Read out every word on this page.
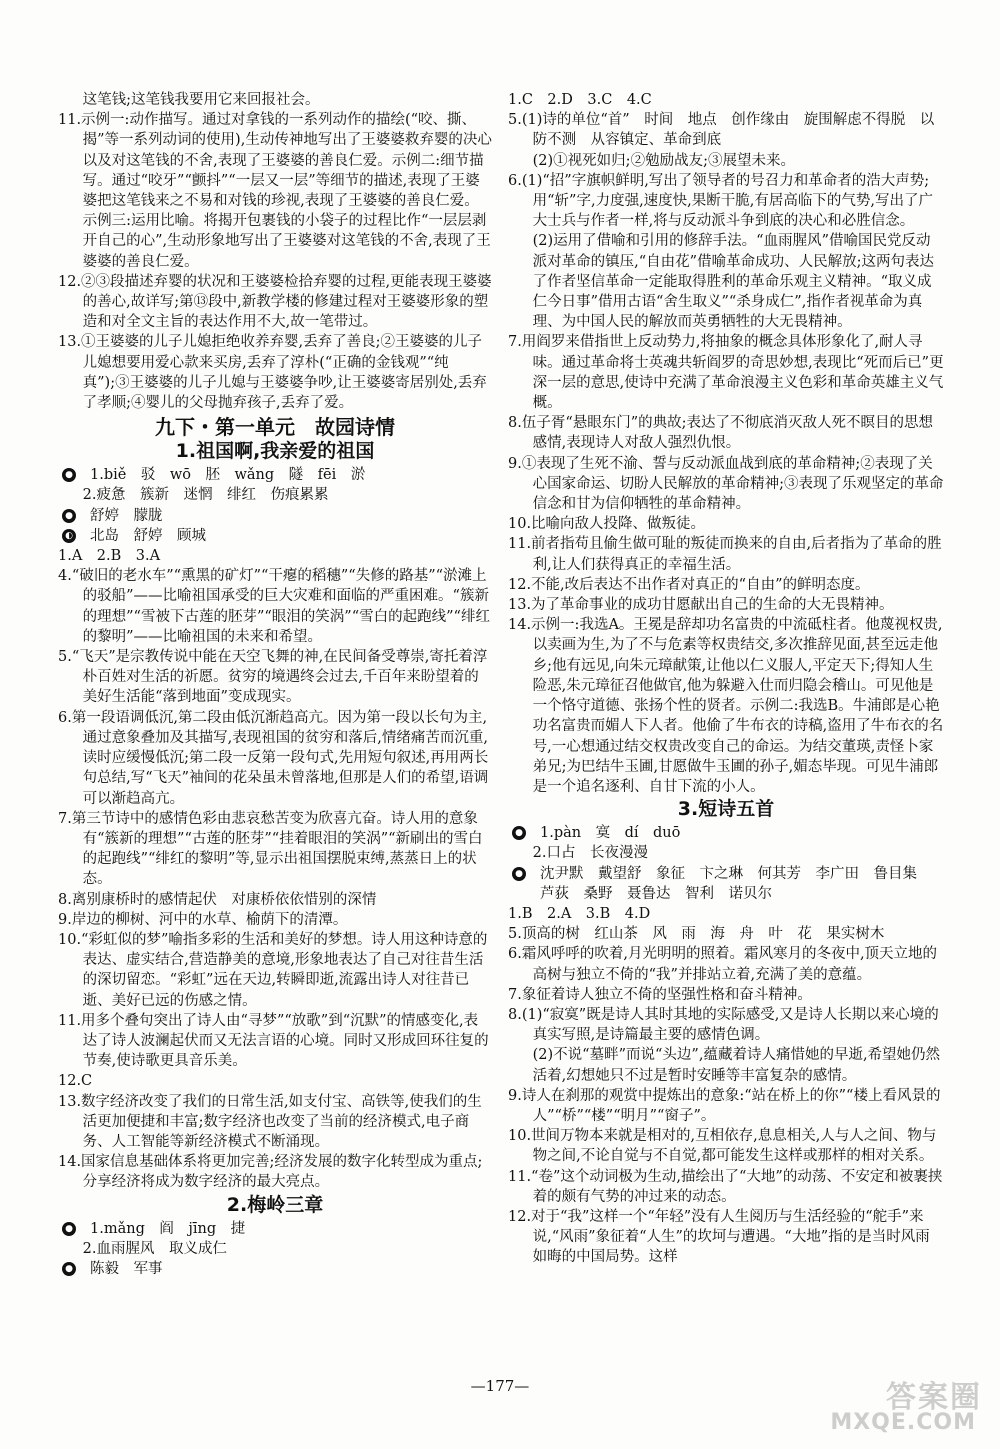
这笔钱;这笔钱我要用它来回报社会。

11.示例一:动作描写。通过对拿钱的一系列动作的描绘(“咬、撕、揭”等一系列动词的使用),生动传神地写出了王婆婆救弃婴的决心以及对这笔钱的不舍,表现了王婆婆的善良仁爱。示例二:细节描写。通过“咬牙”“颤抖”“一层又一层”等细节的描述,表现了王婆婆把这笔钱来之不易和对钱的珍视,表现了王婆婆的善良仁爱。示例三:运用比喻。将揭开包裹钱的小袋子的过程比作“一层层剥开自己的心”,生动形象地写出了王婆婆对这笔钱的不舍,表现了王婆婆的善良仁爱。

12.②③段描述弃婴的状况和王婆婆检拾弃婴的过程,更能表现王婆婆的善心,故详写;第⑬段中,新教学楼的修建过程对王婆婆形象的塑造和对全文主旨的表达作用不大,故一笔带过。

13.①王婆婆的儿子儿媳拒绝收养弃婴,丢弃了善良;②王婆婆的儿子儿媳想要用爱心款来买房,丢弃了淳朴(“正确的金钱观”“纯真”);③王婆婆的儿子儿媳与王婆婆争吵,让王婆婆寄居别处,丢弃了孝顺;④婴儿的父母抛弃孩子,丢弃了爱。

九下・第一单元　故园诗情
1.祖国啊,我亲爱的祖国
● 1.biě　驳　wō　胚　wǎng　隧　fēi　淤

2.疲惫　簇新　迷惘　绯红　伤痕累累

● 舒婷　朦胧
◐ 北岛　舒婷　顾城

1.A　2.B　3.A

4.“破旧的老水车”“熏黑的矿灯”“干瘪的稻穗”“失修的路基”“淤滩上的驳船”——比喻祖国承受的巨大灾难和面临的严重困难。“簇新的理想”“雪被下古莲的胚芽”“眼泪的笑涡”“雪白的起跑线”“绯红的黎明”——比喻祖国的未来和希望。

5.“飞天”是宗教传说中能在天空飞舞的神,在民间备受尊崇,寄托着淳朴百姓对生活的祈愿。贫穷的境遇终会过去,千百年来盼望着的美好生活能“落到地面”变成现实。

6.第一段语调低沉,第二段由低沉渐趋高亢。因为第一段以长句为主,通过意象叠加及其描写,表现祖国的贫穷和落后,情绪痛苦而沉重,读时应缓慢低沉;第二段一反第一段句式,先用短句叙述,再用两长句总结,写“飞天”袖间的花朵虽未曾落地,但那是人们的希望,语调可以渐趋高亢。

7.第三节诗中的感情色彩由悲哀愁苦变为欣喜亢奋。诗人用的意象有“簇新的理想”“古莲的胚芽”“挂着眼泪的笑涡”“新刷出的雪白的起跑线”“绯红的黎明”等,显示出祖国摆脱束缚,蒸蒸日上的状态。

8.离别康桥时的感情起伏　对康桥依依惜别的深情

9.岸边的柳树、河中的水草、榆荫下的清潭。

10.“彩虹似的梦”喻指多彩的生活和美好的梦想。诗人用这种诗意的表达、虚实结合,营造静美的意境,形象地表达了自己对往昔生活的深切留恋。“彩虹”远在天边,转瞬即逝,流露出诗人对往昔已逝、美好已远的伤感之情。

11.用多个叠句突出了诗人由“寻梦”“放歌”到“沉默”的情感变化,表达了诗人波澜起伏而又无法言语的心境。同时又形成回环往复的节奏,使诗歌更具音乐美。

12.C

13.数字经济改变了我们的日常生活,如支付宝、高铁等,使我们的生活更加便捷和丰富;数字经济也改变了当前的经济模式,电子商务、人工智能等新经济模式不断涌现。

14.国家信息基础体系将更加完善;经济发展的数字化转型成为重点;分享经济将成为数字经济的最大亮点。

2.梅岭三章
● 1.mǎng　阎　jīng　捷

2.血雨腥风　取义成仁

● 陈毅　军事

1.C　2.D　3.C　4.C

5.(1)诗的单位“首”　时间　地点　创作缘由　旋围解虑不得脱　以防不测　从容镇定、革命到底

(2)①视死如归;②勉励战友;③展望未来。

6.(1)“招”字旗帜鲜明,写出了领导者的号召力和革命者的浩大声势;用“斩”字,力度强,速度快,果断干脆,有居高临下的气势,写出了广大士兵与作者一样,将与反动派斗争到底的决心和必胜信念。

(2)运用了借喻和引用的修辞手法。“血雨腥风”借喻国民党反动派对革命的镇压,“自由花”借喻革命成功、人民解放;这两句表达了作者坚信革命一定能取得胜利的革命乐观主义精神。“取义成仁今日事”借用古语“舍生取义”“杀身成仁”,指作者视革命为真理、为中国人民的解放而英勇牺牲的大无畏精神。

7.用阎罗来借指世上反动势力,将抽象的概念具体形象化了,耐人寻味。通过革命将士英魂共斩阎罗的奇思妙想,表现比“死而后已”更深一层的意思,使诗中充满了革命浪漫主义色彩和革命英雄主义气概。

8.伍子胥“悬眼东门”的典故;表达了不彻底消灭敌人死不瞑目的思想感情,表现诗人对敌人强烈仇恨。

9.①表现了生死不渝、誓与反动派血战到底的革命精神;②表现了关心国家命运、切盼人民解放的革命精神;③表现了乐观坚定的革命信念和甘为信仰牺牲的革命精神。

10.比喻向敌人投降、做叛徒。

11.前者指苟且偷生做可耻的叛徒而换来的自由,后者指为了革命的胜利,让人们获得真正的幸福生活。

12.不能,改后表达不出作者对真正的“自由”的鲜明态度。

13.为了革命事业的成功甘愿献出自己的生命的大无畏精神。

14.示例一:我选A。王冕是辞却功名富贵的中流砥柱者。他蔑视权贵,以卖画为生,为了不与危素等权贵结交,多次推辞见面,甚至远走他乡;他有远见,向朱元璋献策,让他以仁义服人,平定天下;得知人生险恶,朱元璋征召他做官,他为躲避入仕而归隐会稽山。可见他是一个恪守道德、张扬个性的贤者。示例二:我选B。牛浦郎是心艳功名富贵而媚人下人者。他偷了牛布衣的诗稿,盗用了牛布衣的名号,一心想通过结交权贵改变自己的命运。为结交董瑛,责怪卜家弟兄;为巴结牛玉圃,甘愿做牛玉圃的孙子,媚态毕现。可见牛浦郎是一个追名逐利、自甘下流的小人。

3.短诗五首
● 1.pàn　寞　dí　duō

2.口占　长夜漫漫

● 沈尹默　戴望舒　象征　卞之琳　何其芳　李广田　鲁目集　芦荻　桑野　聂鲁达　智利　诺贝尔

1.B　2.A　3.B　4.D

5.顶高的树　红山茶　风　雨　海　舟　叶　花　果实树木

6.霜风呼呼的吹着,月光明明的照着。霜风寒月的冬夜中,顶天立地的高树与独立不倚的“我”并排站立着,充满了美的意蕴。

7.象征着诗人独立不倚的坚强性格和奋斗精神。

8.(1)“寂寞”既是诗人其时其地的实际感受,又是诗人长期以来心境的真实写照,是诗篇最主要的感情色调。

(2)不说“墓畔”而说“头边”,蕴藏着诗人痛惜她的早逝,希望她仍然活着,幻想她只不过是暂时安睡等丰富复杂的感情。

9.诗人在刹那的观赏中提炼出的意象:“站在桥上的你”“楼上看风景的人”“桥”“楼”“明月”“窗子”。

10.世间万物本来就是相对的,互相依存,息息相关,人与人之间、物与物之间,不论自觉与不自觉,都可能发生这样或那样的相对关系。

11.“卷”这个动词极为生动,描绘出了“大地”的动荡、不安定和被裹挟着的颇有气势的冲过来的动态。

12.对于“我”这样一个“年轻”没有人生阅历与生活经验的“舵手”来说,“风雨”象征着“人生”的坎坷与遭遇。“大地”指的是当时风雨如晦的中国局势。这样

—177—	答案圈
MXQE.COM
